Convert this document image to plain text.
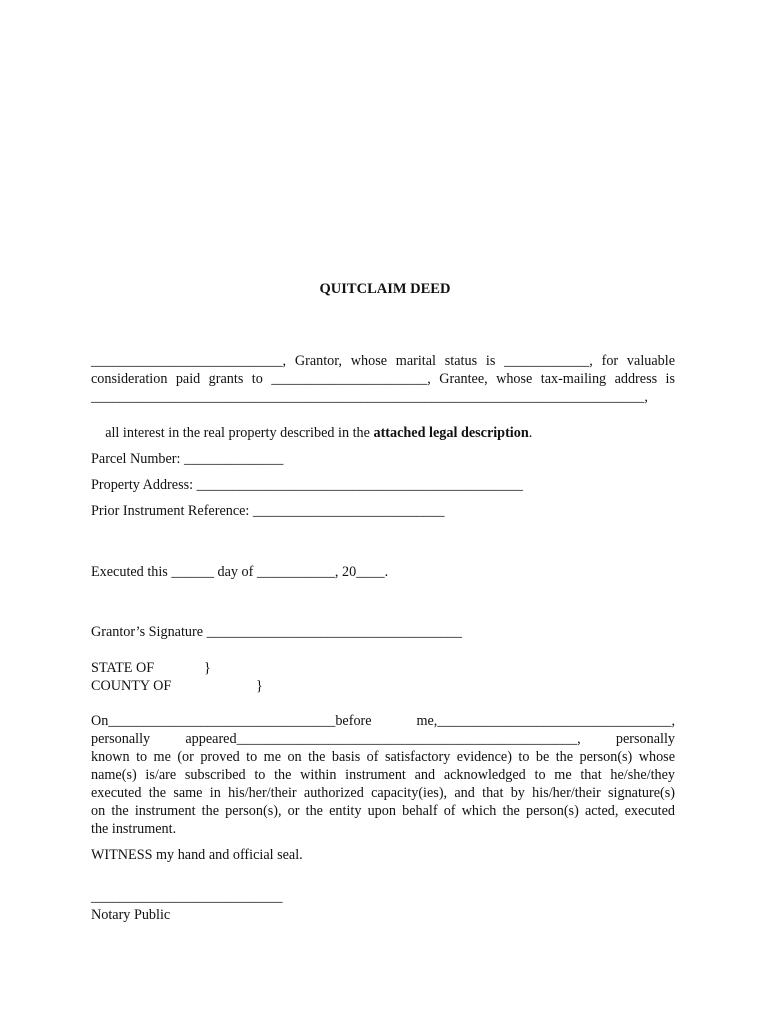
QUITCLAIM DEED
___________________________, Grantor, whose marital status is ____________, for valuable
consideration paid grants to ______________________, Grantee, whose tax-mailing address is
______________________________________________________________________________,

all interest in the real property described in the attached legal description.

Parcel Number: ______________
Property Address: ______________________________________________
Prior Instrument Reference: ___________________________
Executed this ______ day of ___________, 20____.
Grantor’s Signature ____________________________________
STATE OF	}
COUNTY OF	}
On________________________________before me,_________________________________,
personally appeared________________________________________________, personally
known to me (or proved to me on the basis of satisfactory evidence) to be the person(s) whose
name(s) is/are subscribed to the within instrument and acknowledged to me that he/she/they
executed the same in his/her/their authorized capacity(ies), and that by his/her/their signature(s)
on the instrument the person(s), or the entity upon behalf of which the person(s) acted, executed
the instrument.
WITNESS my hand and official seal.
___________________________
Notary Public
